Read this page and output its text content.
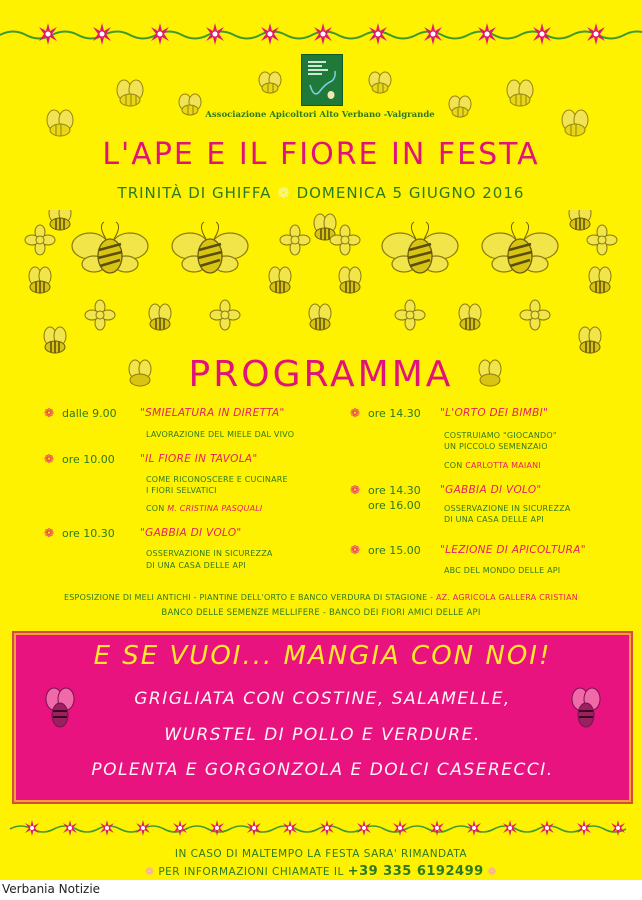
Associazione Apicoltori Alto Verbano -Valgrande
L'APE E IL FIORE IN FESTA
TRINITÀ DI GHIFFA ❁ DOMENICA 5 GIUGNO 2016
PROGRAMMA
❁ dalle 9.00 "SMIELATURA IN DIRETTA"
LAVORAZIONE DEL MIELE DAL VIVO
❁ ore 10.00 "IL FIORE IN TAVOLA"
COME RICONOSCERE E CUCINARE
I FIORI SELVATICI
CON M. CRISTINA PASQUALI
❁ ore 10.30 "GABBIA DI VOLO"
OSSERVAZIONE IN SICUREZZA
DI UNA CASA DELLE API
❁ ore 14.30 "L'ORTO DEI BIMBI"
COSTRUIAMO "GIOCANDO"
UN PICCOLO SEMENZAIO
CON CARLOTTA MAIANI
❁ ore 14.30
ore 16.00
"GABBIA DI VOLO"
OSSERVAZIONE IN SICUREZZA
DI UNA CASA DELLE API
❁ ore 15.00 "LEZIONE DI APICOLTURA"
ABC DEL MONDO DELLE API
ESPOSIZIONE DI MELI ANTICHI - PIANTINE DELL'ORTO E BANCO VERDURA DI STAGIONE - AZ. AGRICOLA GALLERA CRISTIAN
BANCO DELLE SEMENZE MELLIFERE - BANCO DEI FIORI AMICI DELLE API
E SE VUOI... MANGIA CON NOI!
GRIGLIATA CON COSTINE, SALAMELLE,
WURSTEL DI POLLO E VERDURE.
POLENTA E GORGONZOLA E DOLCI CASERECCI.
IN CASO DI MALTEMPO LA FESTA SARA' RIMANDATA
❁ PER INFORMAZIONI CHIAMATE IL +39 335 6192499 ❁
Verbania Notizie
